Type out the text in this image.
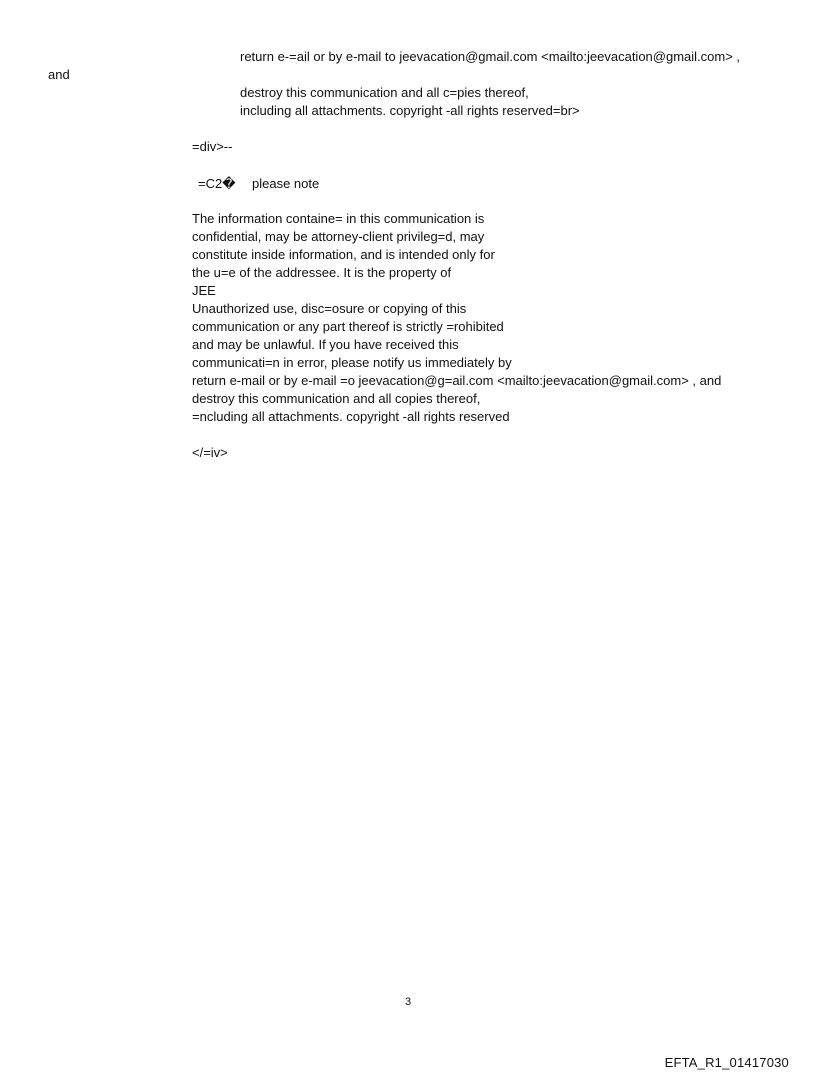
return e-=ail or by e-mail to jeevacation@gmail.com <mailto:jeevacation@gmail.com> ,
and
destroy this communication and all c=pies thereof,
including all attachments. copyright -all rights reserved=br>
=div>--
=C2� please note
The information containe= in this communication is
confidential, may be attorney-client privileg=d, may
constitute inside information, and is intended only for
the u=e of the addressee. It is the property of
JEE
Unauthorized use, disc=osure or copying of this
communication or any part thereof is strictly =rohibited
and may be unlawful. If you have received this
communicati=n in error, please notify us immediately by
return e-mail or by e-mail =o jeevacation@g=ail.com <mailto:jeevacation@gmail.com> , and
destroy this communication and all copies thereof,
=ncluding all attachments. copyright -all rights reserved
</=iv>
3
EFTA_R1_01417030
